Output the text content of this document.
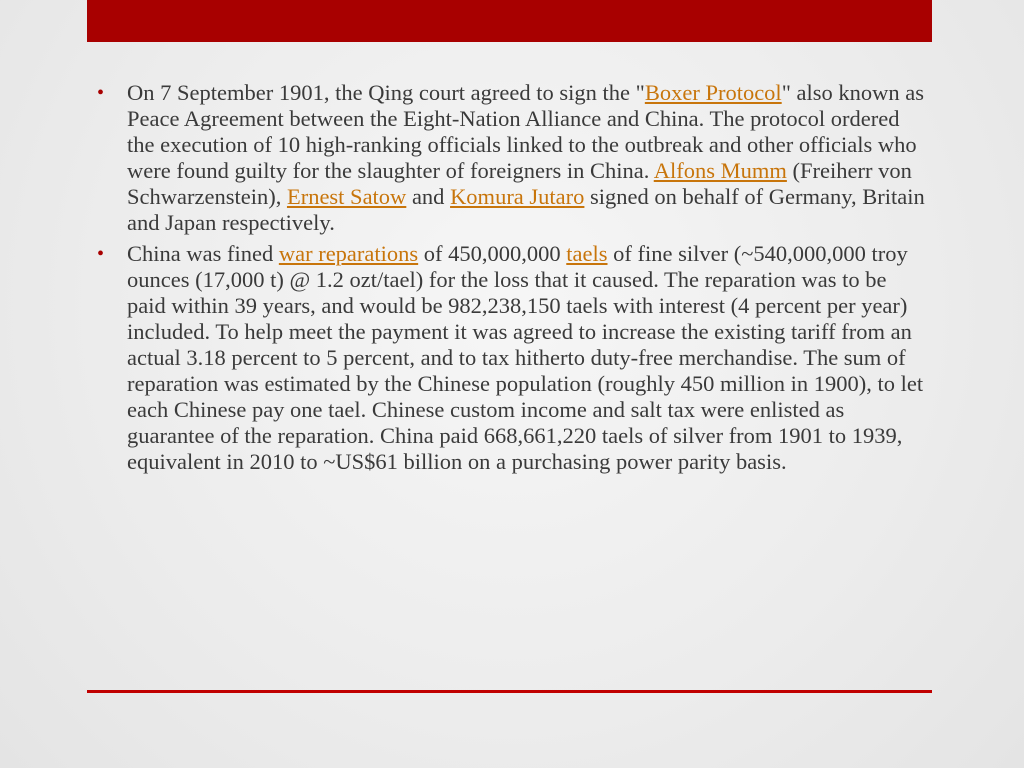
• On 7 September 1901, the Qing court agreed to sign the "Boxer Protocol" also known as Peace Agreement between the Eight-Nation Alliance and China. The protocol ordered the execution of 10 high-ranking officials linked to the outbreak and other officials who were found guilty for the slaughter of foreigners in China. Alfons Mumm (Freiherr von Schwarzenstein), Ernest Satow and Komura Jutaro signed on behalf of Germany, Britain and Japan respectively.

• China was fined war reparations of 450,000,000 taels of fine silver (~540,000,000 troy ounces (17,000 t) @ 1.2 ozt/tael) for the loss that it caused. The reparation was to be paid within 39 years, and would be 982,238,150 taels with interest (4 percent per year) included. To help meet the payment it was agreed to increase the existing tariff from an actual 3.18 percent to 5 percent, and to tax hitherto duty-free merchandise. The sum of reparation was estimated by the Chinese population (roughly 450 million in 1900), to let each Chinese pay one tael. Chinese custom income and salt tax were enlisted as guarantee of the reparation. China paid 668,661,220 taels of silver from 1901 to 1939, equivalent in 2010 to ~US$61 billion on a purchasing power parity basis.
